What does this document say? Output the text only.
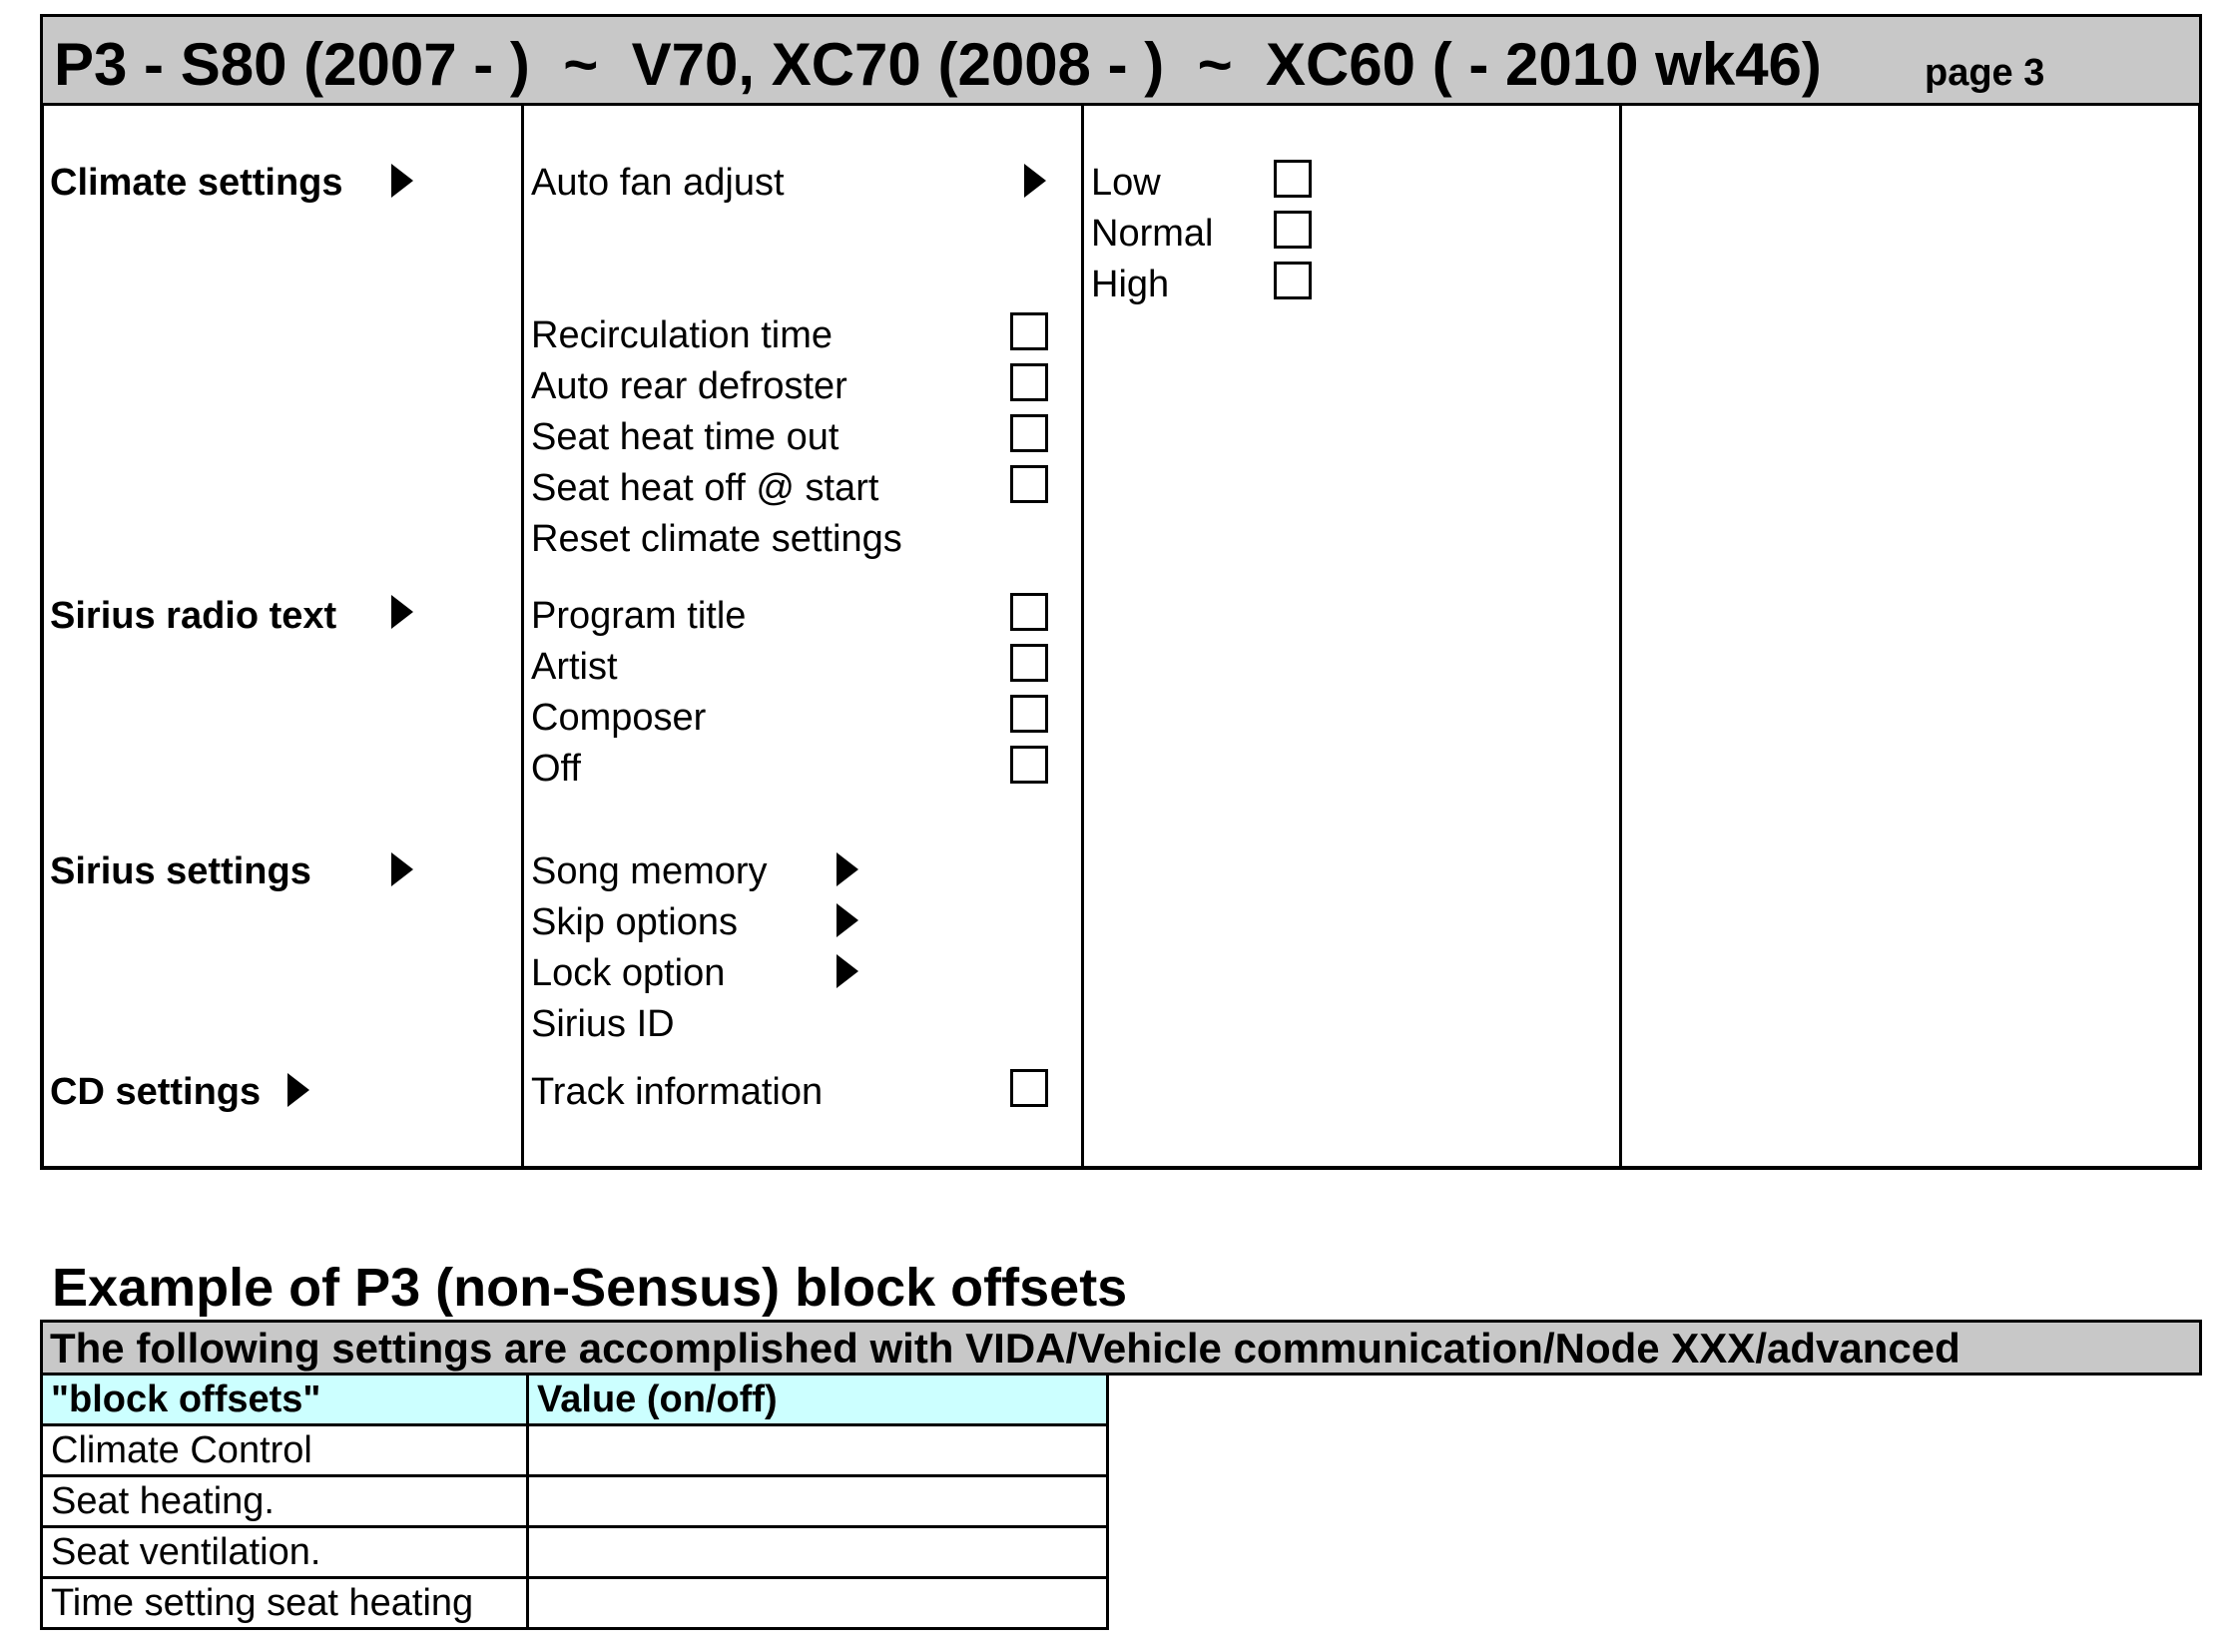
P3 - S80 (2007 - )  ~  V70, XC70 (2008 - )  ~  XC60 ( - 2010 wk46)	page 3
Climate settings	Auto fan adjust	Low
Normal
High
Recirculation time
Auto rear defroster
Seat heat time out
Seat heat off @ start
Reset climate settings
Sirius radio text	Program title
Artist
Composer
Off
Sirius settings	Song memory
Skip options
Lock option
Sirius ID
CD settings	Track information
Example of P3 (non-Sensus) block offsets
The following settings are accomplished with VIDA/Vehicle communication/Node XXX/advanced
"block offsets"	Value (on/off)
Climate Control	
Seat heating.	
Seat ventilation.	
Time setting seat heating	
